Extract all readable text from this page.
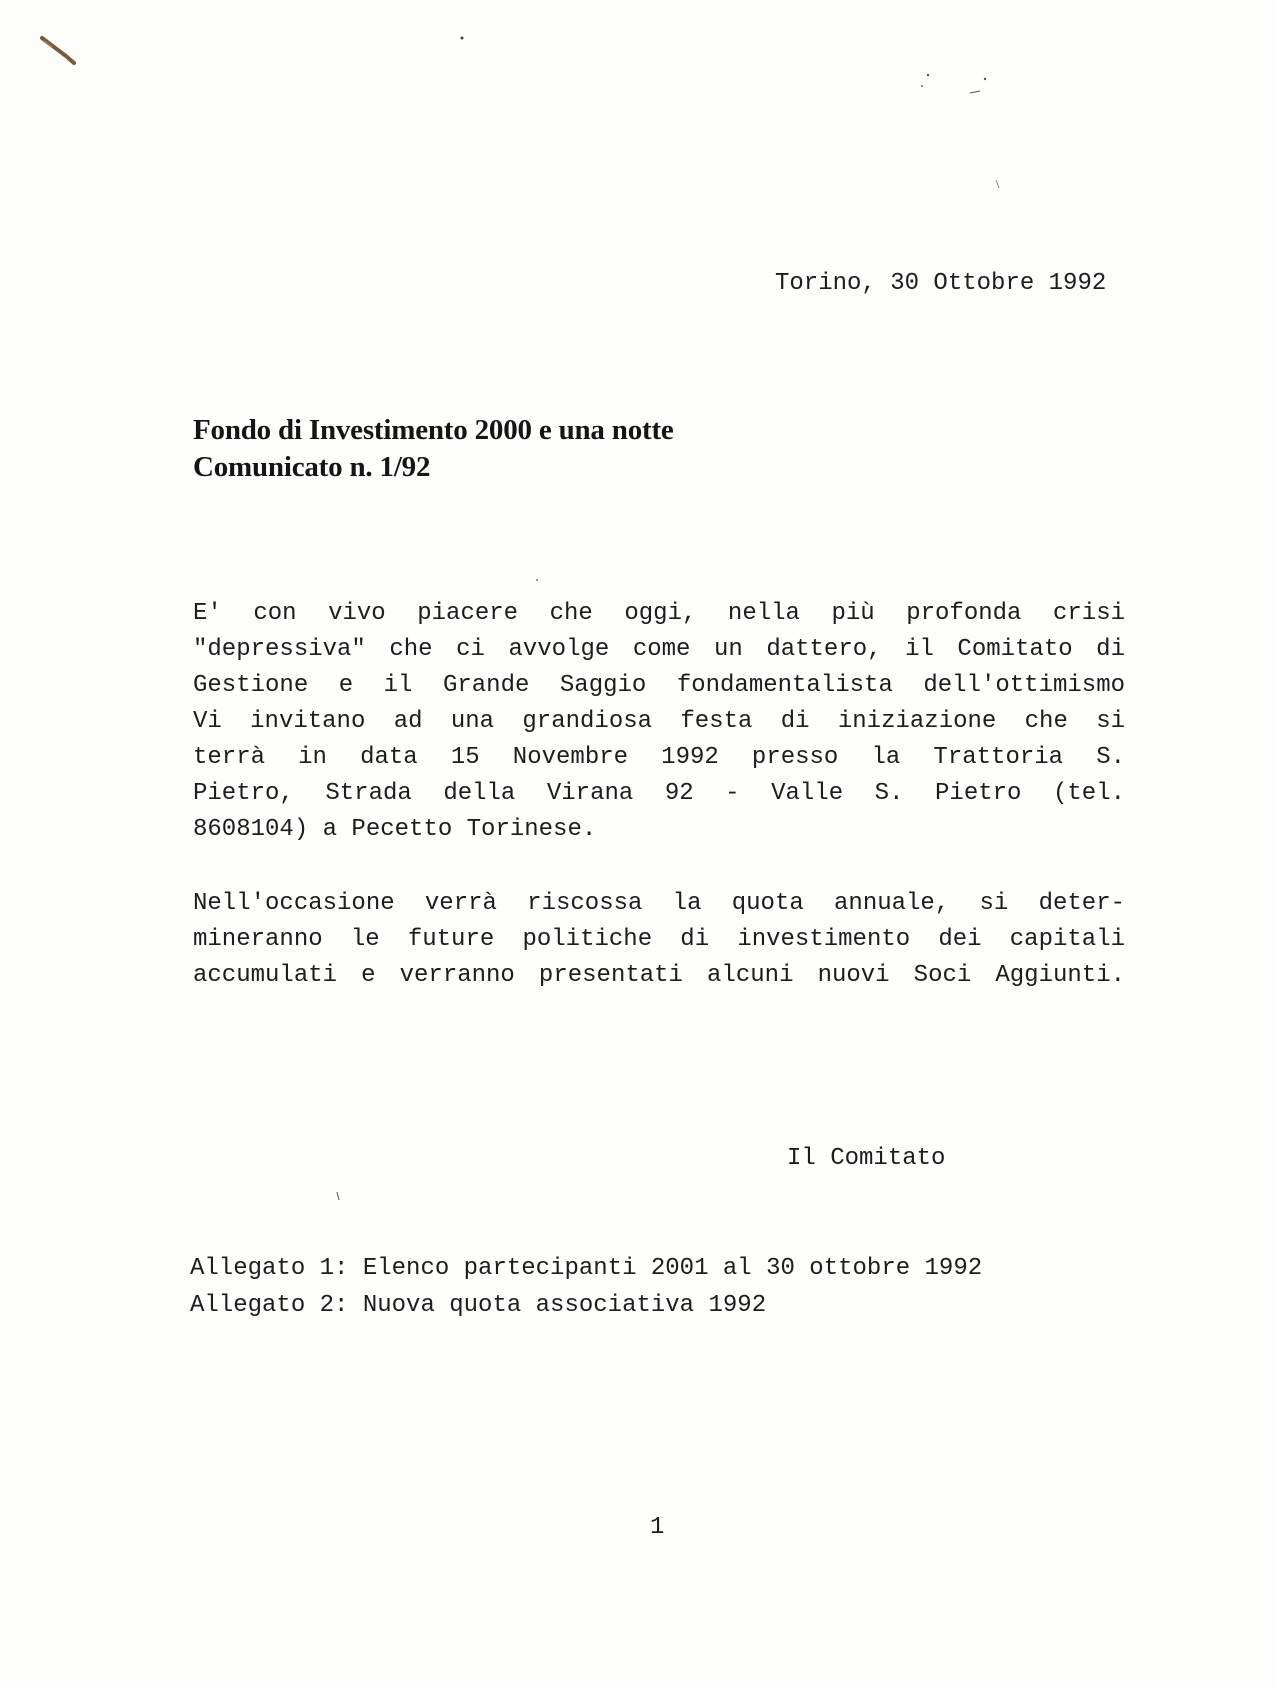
Torino, 30 Ottobre 1992
Fondo di Investimento 2000 e una notte
Comunicato n. 1/92
E' con vivo piacere che oggi, nella più profonda crisi
"depressiva" che ci avvolge come un dattero, il Comitato di
Gestione e il Grande Saggio fondamentalista dell'ottimismo
Vi invitano ad una grandiosa festa di iniziazione che si
terrà in data 15 Novembre 1992 presso la Trattoria S.
Pietro, Strada della Virana 92 - Valle S. Pietro (tel.
8608104) a Pecetto Torinese.
Nell'occasione verrà riscossa la quota annuale, si deter-
mineranno le future politiche di investimento dei capitali
accumulati e verranno presentati alcuni nuovi Soci Aggiunti.
Il Comitato
Allegato 1: Elenco partecipanti 2001 al 30 ottobre 1992
Allegato 2: Nuova quota associativa 1992
1
